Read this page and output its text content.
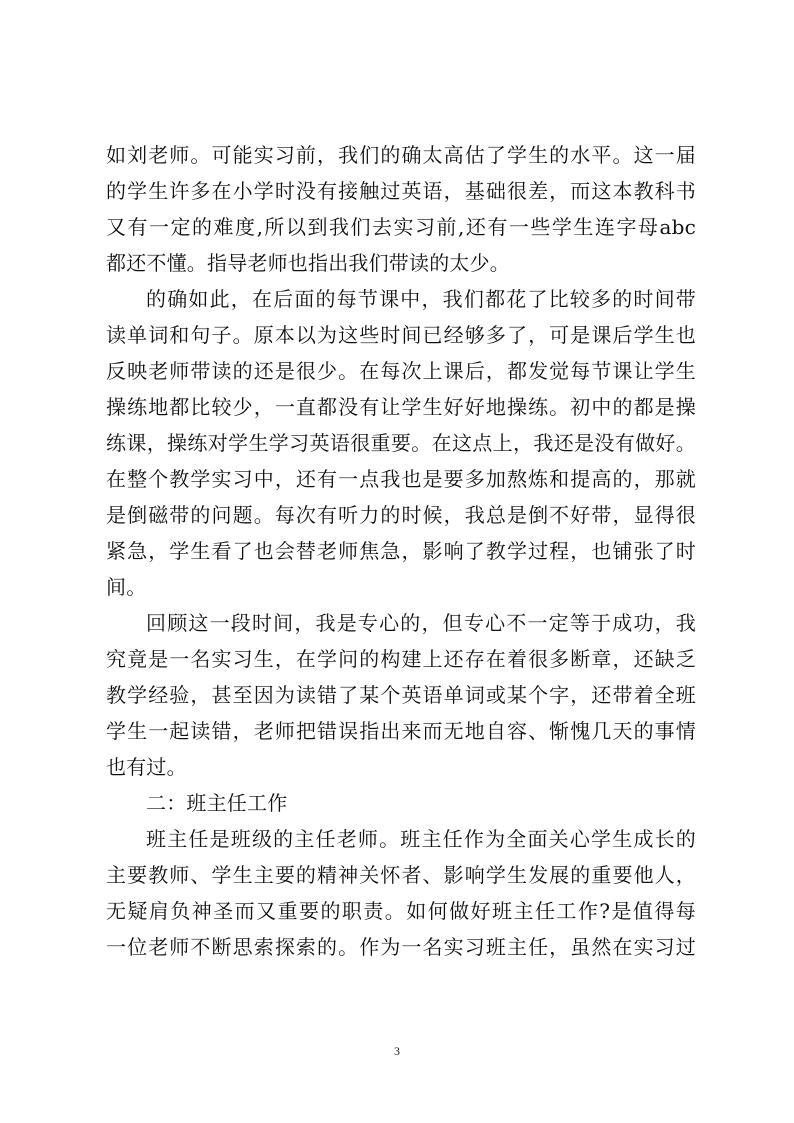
如刘老师。可能实习前，我们的确太高估了学生的水平。这一届
的学生许多在小学时没有接触过英语，基础很差，而这本教科书
又有一定的难度,所以到我们去实习前,还有一些学生连字母abc
都还不懂。指导老师也指出我们带读的太少。
的确如此，在后面的每节课中，我们都花了比较多的时间带
读单词和句子。原本以为这些时间已经够多了，可是课后学生也
反映老师带读的还是很少。在每次上课后，都发觉每节课让学生
操练地都比较少，一直都没有让学生好好地操练。初中的都是操
练课，操练对学生学习英语很重要。在这点上，我还是没有做好。
在整个教学实习中，还有一点我也是要多加熬炼和提高的，那就
是倒磁带的问题。每次有听力的时候，我总是倒不好带，显得很
紧急，学生看了也会替老师焦急，影响了教学过程，也铺张了时
间。
回顾这一段时间，我是专心的，但专心不一定等于成功，我
究竟是一名实习生，在学问的构建上还存在着很多断章，还缺乏
教学经验，甚至因为读错了某个英语单词或某个字，还带着全班
学生一起读错，老师把错误指出来而无地自容、惭愧几天的事情
也有过。
二：班主任工作
班主任是班级的主任老师。班主任作为全面关心学生成长的
主要教师、学生主要的精神关怀者、影响学生发展的重要他人，
无疑肩负神圣而又重要的职责。如何做好班主任工作?是值得每
一位老师不断思索探索的。作为一名实习班主任，虽然在实习过
3
